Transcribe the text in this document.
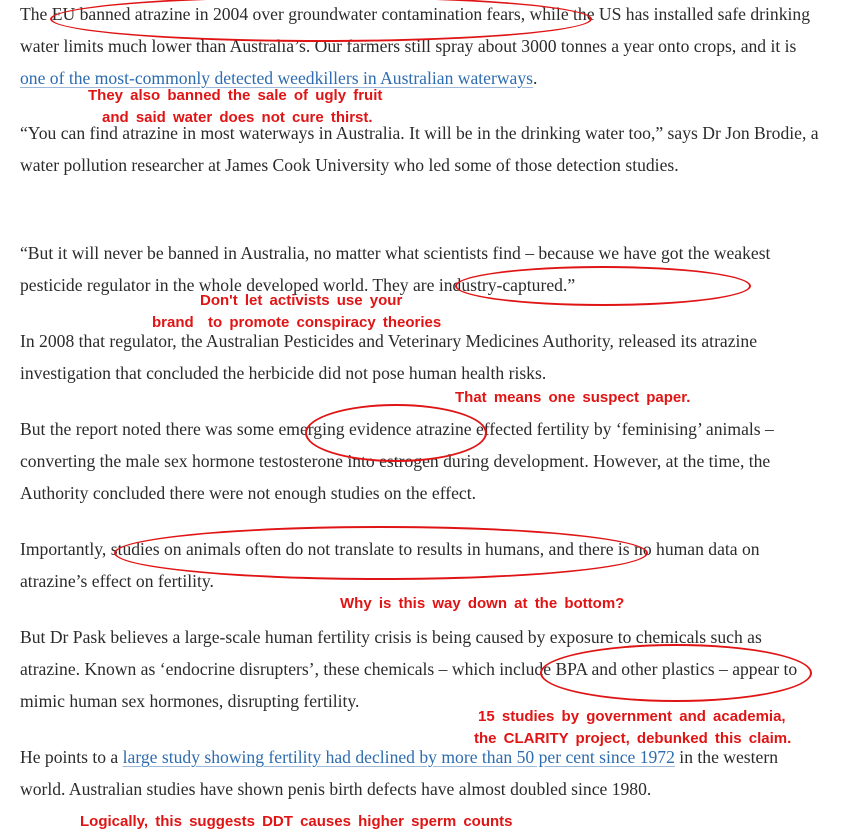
The EU banned atrazine in 2004 over groundwater contamination fears, while the US has installed safe drinking water limits much lower than Australia’s. Our farmers still spray about 3000 tonnes a year onto crops, and it is one of the most-commonly detected weedkillers in Australian waterways.

“You can find atrazine in most waterways in Australia. It will be in the drinking water too,” says Dr Jon Brodie, a water pollution researcher at James Cook University who led some of those detection studies.

“But it will never be banned in Australia, no matter what scientists find – because we have got the weakest pesticide regulator in the whole developed world. They are industry-captured.”

In 2008 that regulator, the Australian Pesticides and Veterinary Medicines Authority, released its atrazine investigation that concluded the herbicide did not pose human health risks.

But the report noted there was some emerging evidence atrazine effected fertility by ‘feminising’ animals – converting the male sex hormone testosterone into estrogen during development. However, at the time, the Authority concluded there were not enough studies on the effect.

Importantly, studies on animals often do not translate to results in humans, and there is no human data on atrazine’s effect on fertility.

But Dr Pask believes a large-scale human fertility crisis is being caused by exposure to chemicals such as atrazine. Known as ‘endocrine disrupters’, these chemicals – which include BPA and other plastics – appear to mimic human sex hormones, disrupting fertility.

He points to a large study showing fertility had declined by more than 50 per cent since 1972 in the western world. Australian studies have shown penis birth defects have almost doubled since 1980.

They also banned the sale of ugly fruit
and said water does not cure thirst.
Don't let activists use your
brand  to promote conspiracy theories
That means one suspect paper.
Why is this way down at the bottom?
15 studies by government and academia,
the CLARITY project, debunked this claim.
Logically, this suggests DDT causes higher sperm counts
